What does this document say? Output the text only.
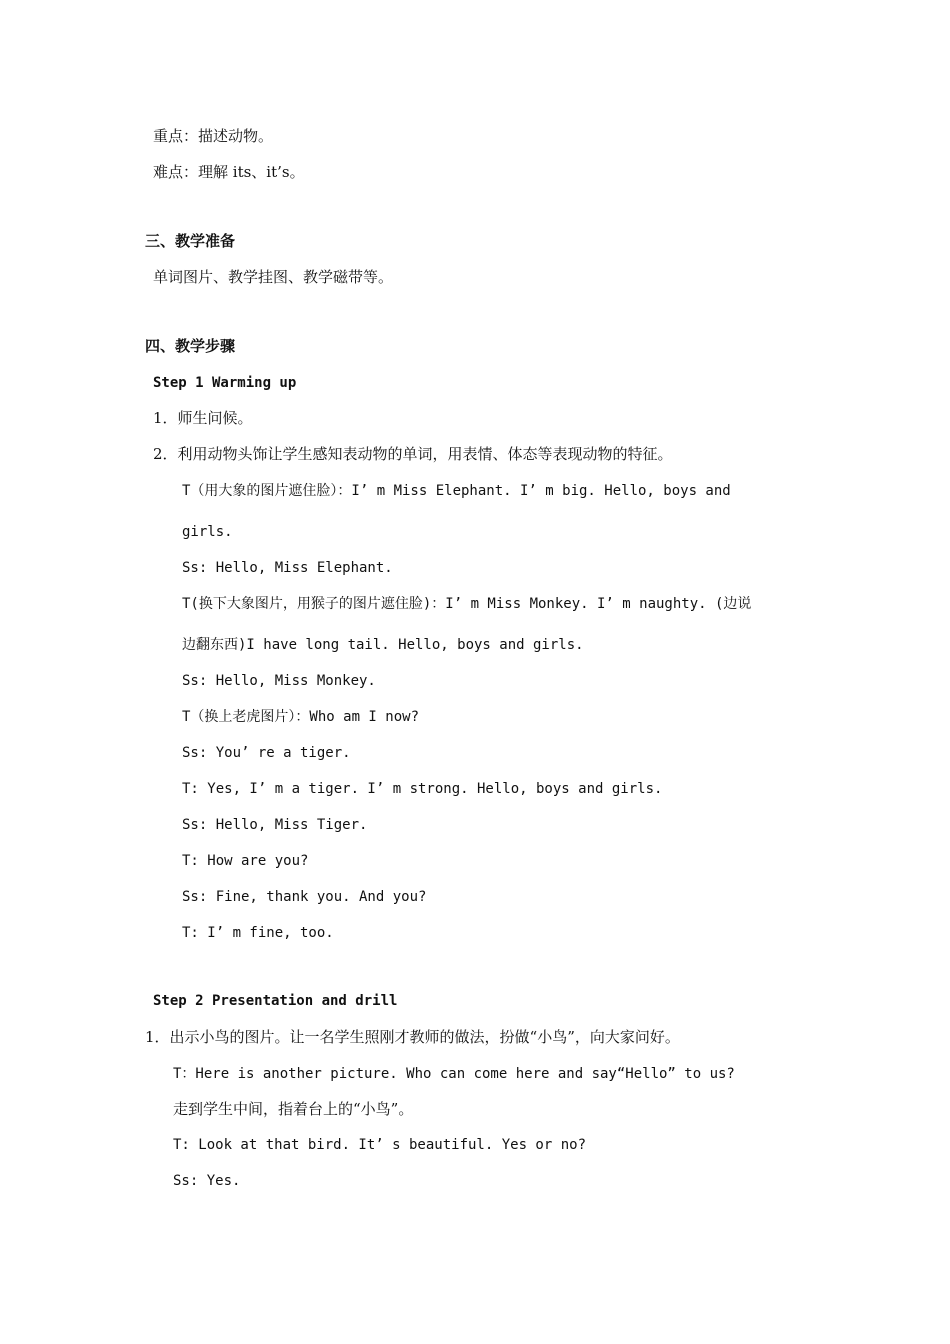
重点：描述动物。
难点：理解 its、it’s。
三、教学准备
单词图片、教学挂图、教学磁带等。
四、教学步骤
Step 1 Warming up
1．师生问候。
2．利用动物头饰让学生感知表动物的单词，用表情、体态等表现动物的特征。
T（用大象的图片遮住脸）：I’ m Miss Elephant. I’ m big. Hello, boys and
girls.
Ss: Hello, Miss Elephant.
T(换下大象图片，用猴子的图片遮住脸)：I’ m Miss Monkey. I’ m naughty. (边说
边翻东西)I have long tail. Hello, boys and girls.
Ss: Hello, Miss Monkey.
T（换上老虎图片）：Who am I now?
Ss: You’ re a tiger.
T: Yes, I’ m a tiger. I’ m strong. Hello, boys and girls.
Ss: Hello, Miss Tiger.
T: How are you?
Ss: Fine, thank you. And you?
T: I’ m fine, too.
Step 2 Presentation and drill
1．出示小鸟的图片。让一名学生照刚才教师的做法，扮做“小鸟”，向大家问好。
T：Here is another picture. Who can come here and say“Hello” to us?
走到学生中间，指着台上的“小鸟”。
T: Look at that bird. It’ s beautiful. Yes or no?
Ss: Yes.
